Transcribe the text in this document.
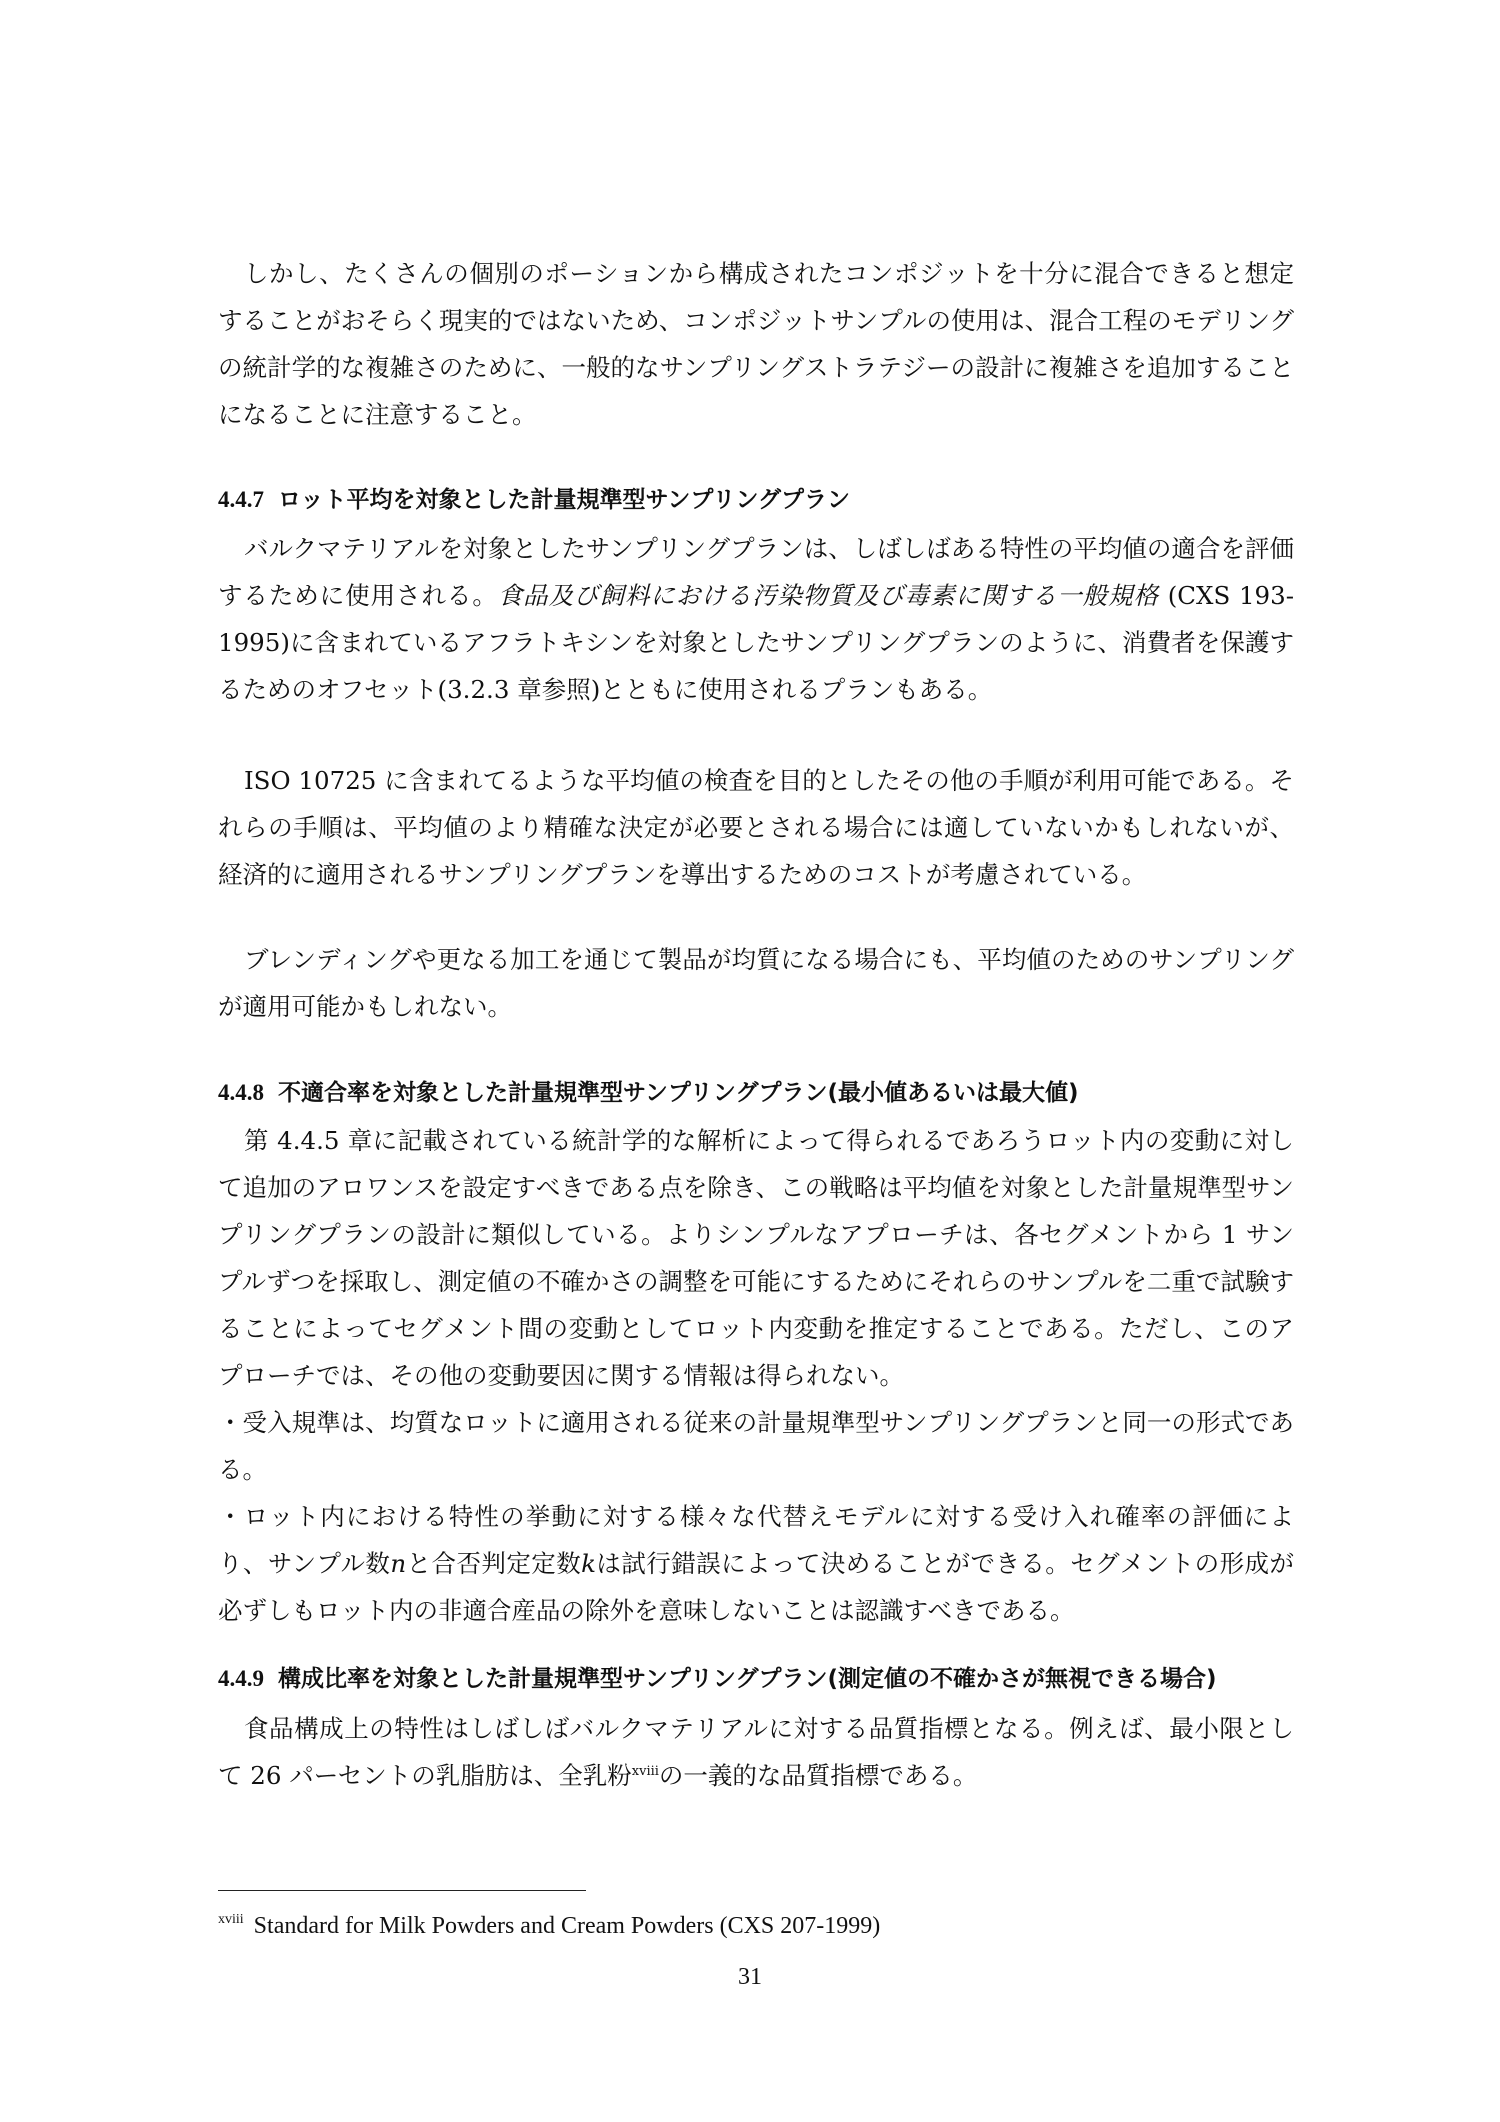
しかし、たくさんの個別のポーションから構成されたコンポジットを十分に混合できると想定することがおそらく現実的ではないため、コンポジットサンプルの使用は、混合工程のモデリングの統計学的な複雑さのために、一般的なサンプリングストラテジーの設計に複雑さを追加することになることに注意すること。

4.4.7 ロット平均を対象とした計量規準型サンプリングプラン

バルクマテリアルを対象としたサンプリングプランは、しばしばある特性の平均値の適合を評価するために使用される。食品及び飼料における汚染物質及び毒素に関する一般規格 (CXS 193-1995)に含まれているアフラトキシンを対象としたサンプリングプランのように、消費者を保護するためのオフセット(3.2.3 章参照)とともに使用されるプランもある。

ISO 10725 に含まれてるような平均値の検査を目的としたその他の手順が利用可能である。それらの手順は、平均値のより精確な決定が必要とされる場合には適していないかもしれないが、経済的に適用されるサンプリングプランを導出するためのコストが考慮されている。

ブレンディングや更なる加工を通じて製品が均質になる場合にも、平均値のためのサンプリングが適用可能かもしれない。

4.4.8 不適合率を対象とした計量規準型サンプリングプラン(最小値あるいは最大値)
第 4.4.5 章に記載されている統計学的な解析によって得られるであろうロット内の変動に対して追加のアロワンスを設定すべきである点を除き、この戦略は平均値を対象とした計量規準型サンプリングプランの設計に類似している。よりシンプルなアプローチは、各セグメントから 1 サンプルずつを採取し、測定値の不確かさの調整を可能にするためにそれらのサンプルを二重で試験することによってセグメント間の変動としてロット内変動を推定することである。ただし、このアプローチでは、その他の変動要因に関する情報は得られない。
・受入規準は、均質なロットに適用される従来の計量規準型サンプリングプランと同一の形式である。
・ロット内における特性の挙動に対する様々な代替えモデルに対する受け入れ確率の評価により、サンプル数nと合否判定定数kは試行錯誤によって決めることができる。セグメントの形成が必ずしもロット内の非適合産品の除外を意味しないことは認識すべきである。
4.4.9 構成比率を対象とした計量規準型サンプリングプラン(測定値の不確かさが無視できる場合)

食品構成上の特性はしばしばバルクマテリアルに対する品質指標となる。例えば、最小限として 26 パーセントの乳脂肪は、全乳粉$^{xviii}$の一義的な品質指標である。

$^{xviii}$ Standard for Milk Powders and Cream Powders (CXS 207-1999)

31
